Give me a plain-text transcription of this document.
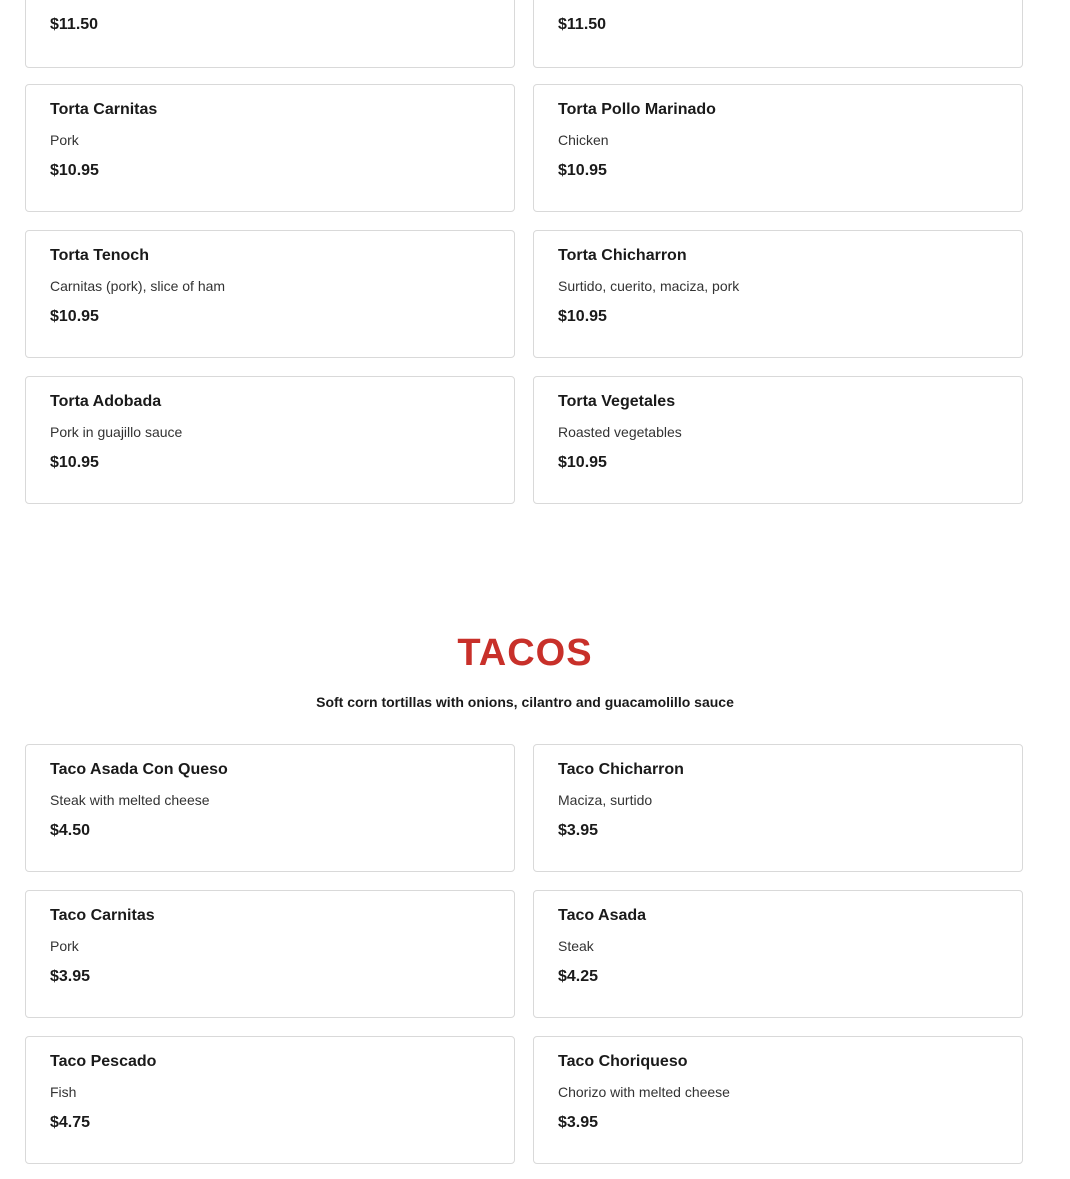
$11.50	$11.50
Torta Carnitas
Pork
$10.95
Torta Pollo Marinado
Chicken
$10.95
Torta Tenoch
Carnitas (pork), slice of ham
$10.95
Torta Chicharron
Surtido, cuerito, maciza, pork
$10.95
Torta Adobada
Pork in guajillo sauce
$10.95
Torta Vegetales
Roasted vegetables
$10.95
TACOS
Soft corn tortillas with onions, cilantro and guacamolillo sauce
Taco Asada Con Queso
Steak with melted cheese
$4.50
Taco Chicharron
Maciza, surtido
$3.95
Taco Carnitas
Pork
$3.95
Taco Asada
Steak
$4.25
Taco Pescado
Fish
$4.75
Taco Choriqueso
Chorizo with melted cheese
$3.95
